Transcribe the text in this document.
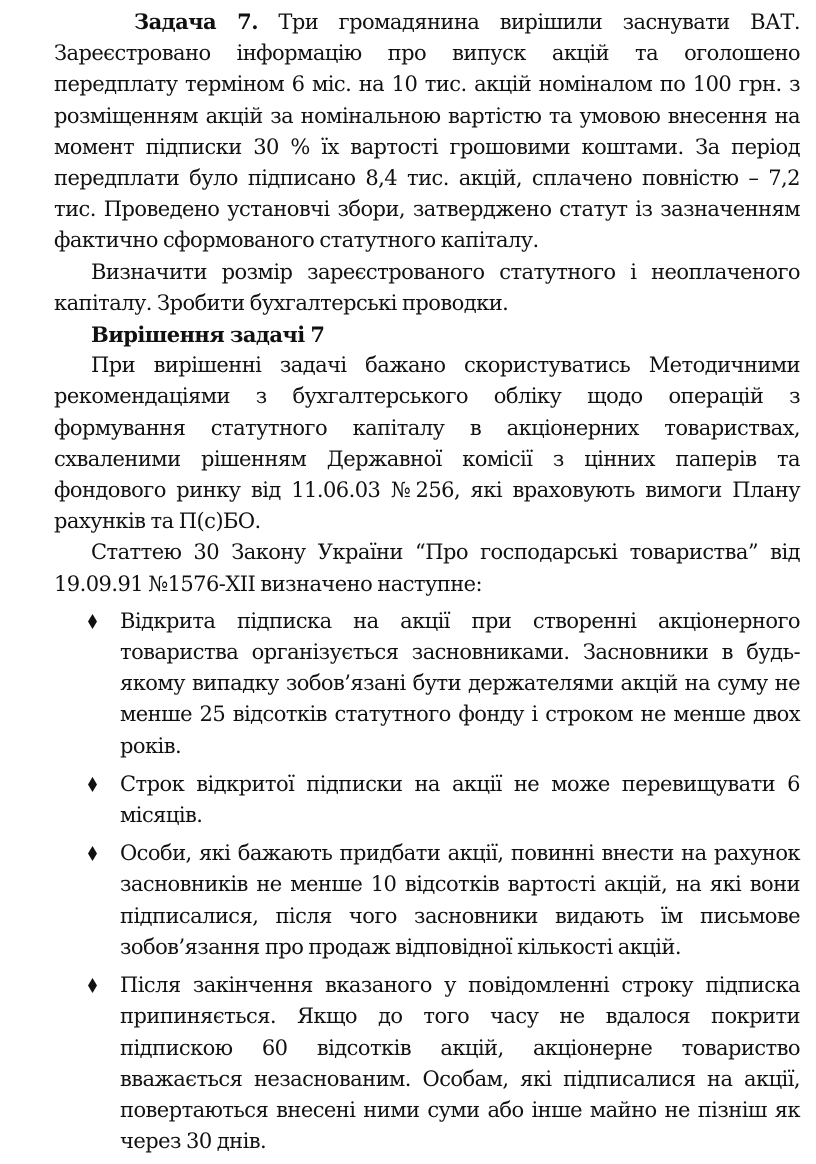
Задача 7. Три громадянина вирішили заснувати ВАТ. Зареєстровано інформацію про випуск акцій та оголошено передплату терміном 6 міс. на 10 тис. акцій номіналом по 100 грн. з розміщенням акцій за номінальною вартістю та умовою внесення на момент підписки 30 % їх вартості грошовими коштами. За період передплати було підписано 8,4 тис. акцій, сплачено повністю – 7,2 тис. Проведено установчі збори, затверджено статут із зазначенням фактично сформованого статутного капіталу.

Визначити розмір зареєстрованого статутного і неоплаченого капіталу. Зробити бухгалтерські проводки.

Вирішення задачі 7

При вирішенні задачі бажано скористуватись Методичними рекомендаціями з бухгалтерського обліку щодо операцій з формування статутного капіталу в акціонерних товариствах, схваленими рішенням Державної комісії з цінних паперів та фондового ринку від 11.06.03 №256, які враховують вимоги Плану рахунків та П(с)БО.

Статтею 30 Закону України “Про господарські товариства” від 19.09.91 №1576-XII визначено наступне:

Відкрита підписка на акції при створенні акціонерного товариства організується засновниками. Засновники в будь-якому випадку зобов’язані бути держателями акцій на суму не менше 25 відсотків статутного фонду і строком не менше двох років.
Строк відкритої підписки на акції не може перевищувати 6 місяців.
Особи, які бажають придбати акції, повинні внести на рахунок засновників не менше 10 відсотків вартості акцій, на які вони підписалися, після чого засновники видають їм письмове зобов’язання про продаж відповідної кількості акцій.
Після закінчення вказаного у повідомленні строку підписка припиняється. Якщо до того часу не вдалося покрити підпискою 60 відсотків акцій, акціонерне товариство вважається незаснованим. Особам, які підписалися на акції, повертаються внесені ними суми або інше майно не пізніш як через 30 днів.
